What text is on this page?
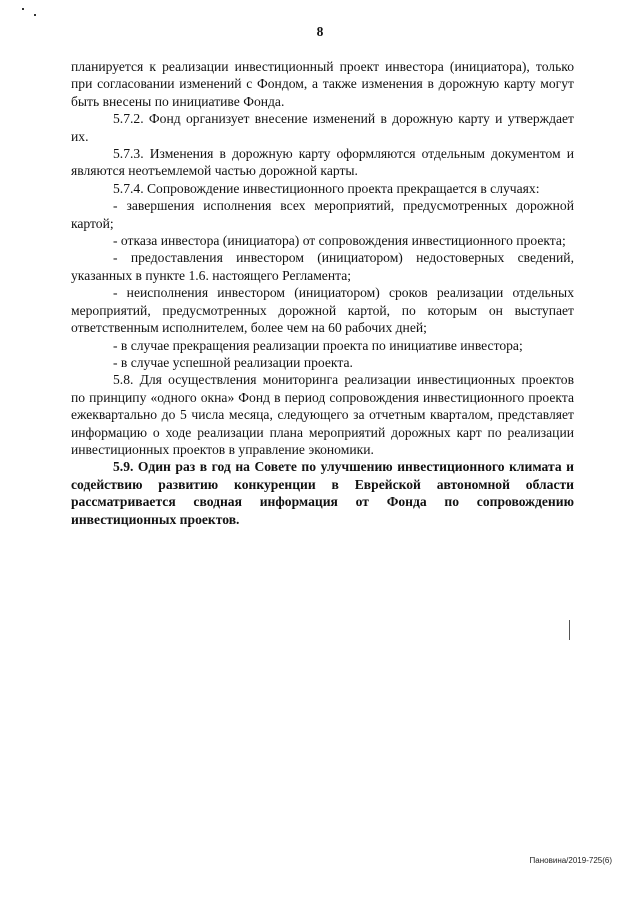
8

планируется к реализации инвестиционный проект инвестора (инициатора), только при согласовании изменений с Фондом, а также изменения в дорожную карту могут быть внесены по инициативе Фонда.

5.7.2. Фонд организует внесение изменений в дорожную карту и утверждает их.

5.7.3. Изменения в дорожную карту оформляются отдельным документом и являются неотъемлемой частью дорожной карты.

5.7.4. Сопровождение инвестиционного проекта прекращается в случаях:

- завершения исполнения всех мероприятий, предусмотренных дорожной картой;

- отказа инвестора (инициатора) от сопровождения инвестиционного проекта;

- предоставления инвестором (инициатором) недостоверных сведений, указанных в пункте 1.6. настоящего Регламента;

- неисполнения инвестором (инициатором) сроков реализации отдельных мероприятий, предусмотренных дорожной картой, по которым он выступает ответственным исполнителем, более чем на 60 рабочих дней;

- в случае прекращения реализации проекта по инициативе инвестора;

- в случае успешной реализации проекта.

5.8. Для осуществления мониторинга реализации инвестиционных проектов по принципу «одного окна» Фонд в период сопровождения инвестиционного проекта ежеквартально до 5 числа месяца, следующего за отчетным кварталом, представляет информацию о ходе реализации плана мероприятий дорожных карт по реализации инвестиционных проектов в управление экономики.

5.9. Один раз в год на Совете по улучшению инвестиционного климата и содействию развитию конкуренции в Еврейской автономной области рассматривается сводная информация от Фонда по сопровождению инвестиционных проектов.

Пановина/2019-725(6)
